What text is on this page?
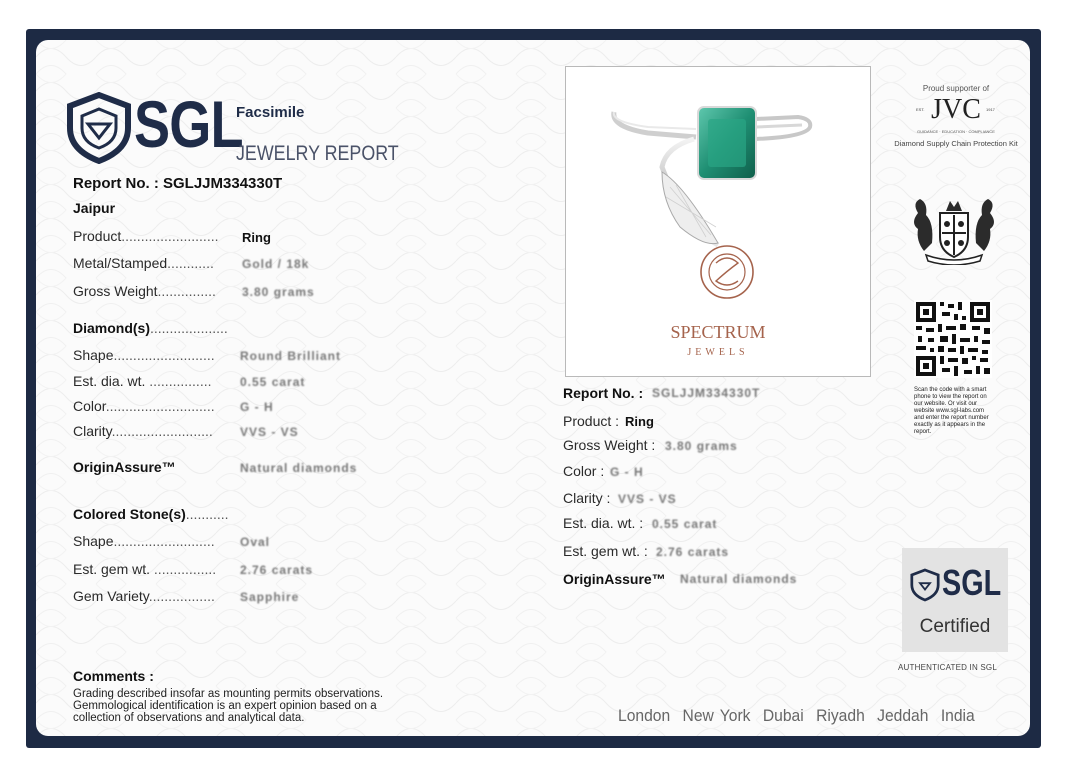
SGL
Facsimile
JEWELRY REPORT
Report No. : SGLJJM334330T
Jaipur
Product......................... Ring
Metal/Stamped............ Gold / 18k
Gross Weight............... 3.80 grams
Diamond(s)....................
Shape.......................... Round Brilliant
Est. dia. wt. ................ 0.55 carat
Color............................ G - H
Clarity.......................... VVS - VS
OriginAssure™	Natural diamonds
Colored Stone(s)...........
Shape.......................... Oval
Est. gem wt. ................ 2.76 carats
Gem Variety................. Sapphire
Comments :
Grading described insofar as mounting permits observations.
Gemmological identification is an expert opinion based on a
collection of observations and analytical data.
SPECTRUM
JEWELS
Report No. : SGLJJM334330T
Product : Ring
Gross Weight : 3.80 grams
Color : G - H
Clarity : VVS - VS
Est. dia. wt. : 0.55 carat
Est. gem wt. : 2.76 carats
OriginAssure™ Natural diamonds
Proud supporter of
JVC
EST.	1917
GUIDANCE · EDUCATION · COMPLIANCE
Diamond Supply Chain Protection Kit
Scan the code with a smart phone to view the report on our website. Or visit our website www.sgl-labs.com and enter the report number exactly as it appears in the report.
SGL
Certified
AUTHENTICATED IN SGL
London  New York  Dubai  Riyadh  Jeddah  India
